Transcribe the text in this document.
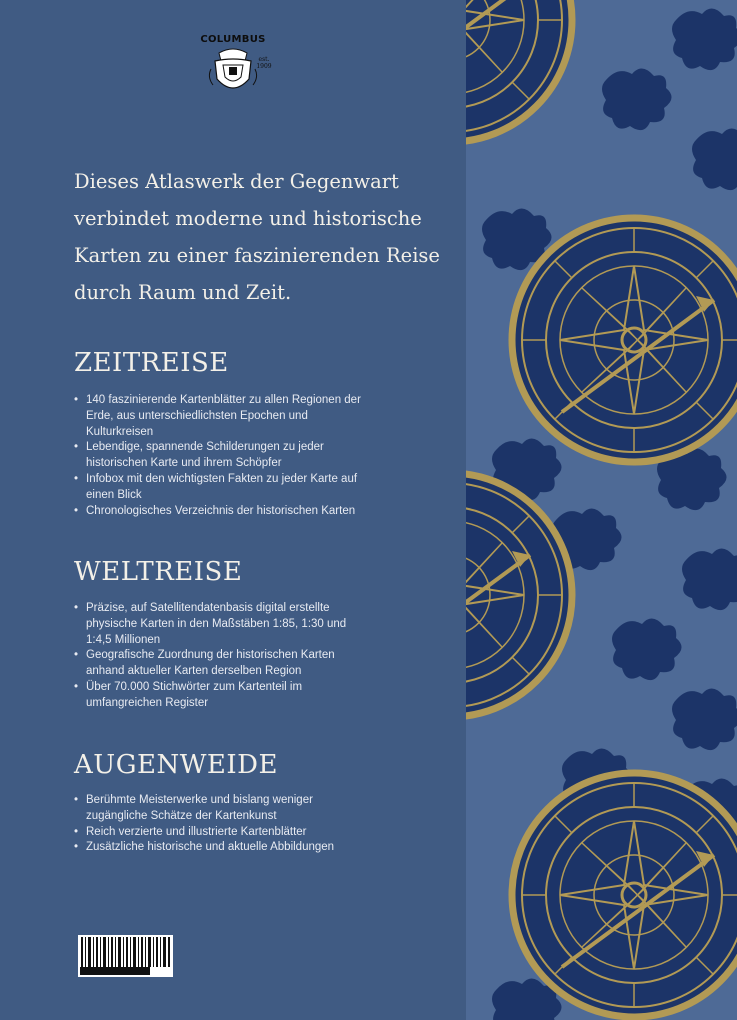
COLUMBUS
est. 1909
Dieses Atlaswerk der Gegenwart
verbindet moderne und historische
Karten zu einer faszinierenden Reise
durch Raum und Zeit.
ZEITREISE
• 140 faszinierende Kartenblätter zu allen Regionen der Erde, aus unterschiedlichsten Epochen und Kulturkreisen
• Lebendige, spannende Schilderungen zu jeder historischen Karte und ihrem Schöpfer
• Infobox mit den wichtigsten Fakten zu jeder Karte auf einen Blick
• Chronologisches Verzeichnis der historischen Karten
WELTREISE
• Präzise, auf Satellitendatenbasis digital erstellte physische Karten in den Maßstäben 1:85, 1:30 und 1:4,5 Millionen
• Geografische Zuordnung der historischen Karten anhand aktueller Karten derselben Region
• Über 70.000 Stichwörter zum Kartenteil im umfangreichen Register
AUGENWEIDE
• Berühmte Meisterwerke und bislang weniger zugängliche Schätze der Kartenkunst
• Reich verzierte und illustrierte Kartenblätter
• Zusätzliche historische und aktuelle Abbildungen
